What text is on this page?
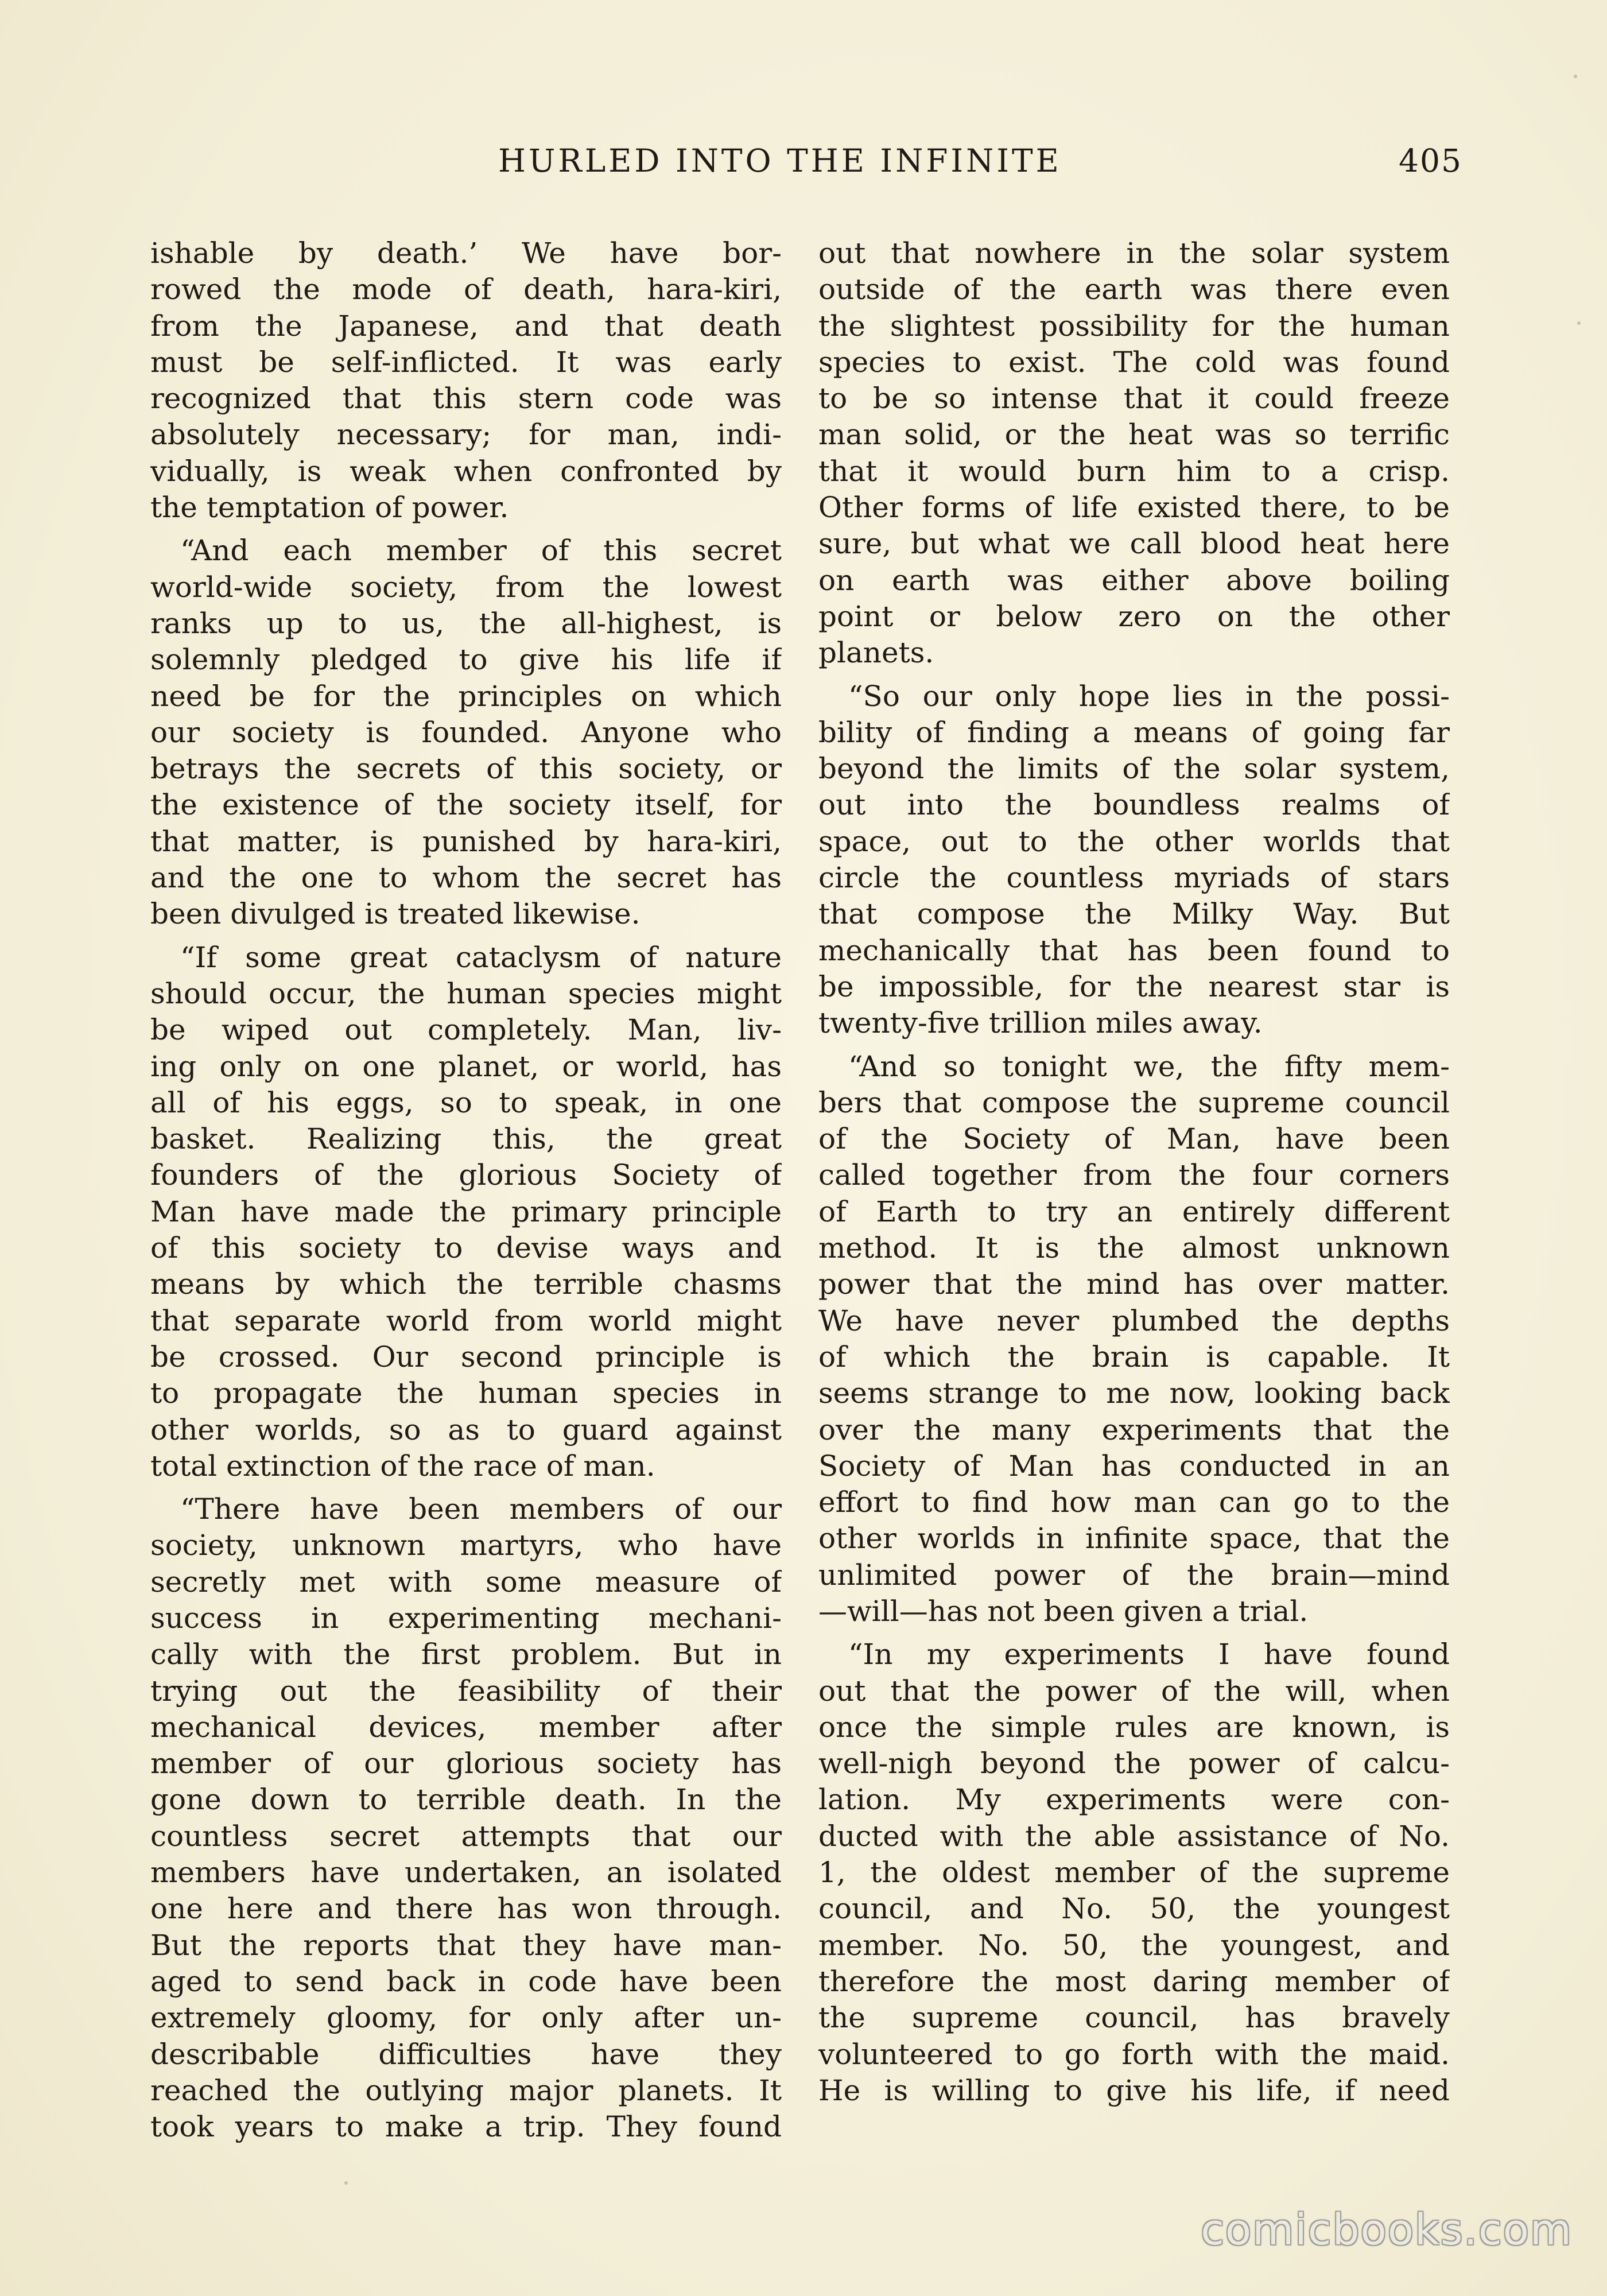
HURLED INTO THE INFINITE	405
ishable by death.’ We have bor-
rowed the mode of death, hara-kiri,
from the Japanese, and that death
must be self-inflicted. It was early
recognized that this stern code was
absolutely necessary; for man, indi-
vidually, is weak when confronted by
the temptation of power.
“And each member of this secret
world-wide society, from the lowest
ranks up to us, the all-highest, is
solemnly pledged to give his life if
need be for the principles on which
our society is founded. Anyone who
betrays the secrets of this society, or
the existence of the society itself, for
that matter, is punished by hara-kiri,
and the one to whom the secret has
been divulged is treated likewise.
“If some great cataclysm of nature
should occur, the human species might
be wiped out completely. Man, liv-
ing only on one planet, or world, has
all of his eggs, so to speak, in one
basket. Realizing this, the great
founders of the glorious Society of
Man have made the primary principle
of this society to devise ways and
means by which the terrible chasms
that separate world from world might
be crossed. Our second principle is
to propagate the human species in
other worlds, so as to guard against
total extinction of the race of man.
“There have been members of our
society, unknown martyrs, who have
secretly met with some measure of
success in experimenting mechani-
cally with the first problem. But in
trying out the feasibility of their
mechanical devices, member after
member of our glorious society has
gone down to terrible death. In the
countless secret attempts that our
members have undertaken, an isolated
one here and there has won through.
But the reports that they have man-
aged to send back in code have been
extremely gloomy, for only after un-
describable difficulties have they
reached the outlying major planets. It
took years to make a trip. They found
out that nowhere in the solar system
outside of the earth was there even
the slightest possibility for the human
species to exist. The cold was found
to be so intense that it could freeze
man solid, or the heat was so terrific
that it would burn him to a crisp.
Other forms of life existed there, to be
sure, but what we call blood heat here
on earth was either above boiling
point or below zero on the other
planets.
“So our only hope lies in the possi-
bility of finding a means of going far
beyond the limits of the solar system,
out into the boundless realms of
space, out to the other worlds that
circle the countless myriads of stars
that compose the Milky Way. But
mechanically that has been found to
be impossible, for the nearest star is
twenty-five trillion miles away.
“And so tonight we, the fifty mem-
bers that compose the supreme council
of the Society of Man, have been
called together from the four corners
of Earth to try an entirely different
method. It is the almost unknown
power that the mind has over matter.
We have never plumbed the depths
of which the brain is capable. It
seems strange to me now, looking back
over the many experiments that the
Society of Man has conducted in an
effort to find how man can go to the
other worlds in infinite space, that the
unlimited power of the brain—mind
—will—has not been given a trial.
“In my experiments I have found
out that the power of the will, when
once the simple rules are known, is
well-nigh beyond the power of calcu-
lation. My experiments were con-
ducted with the able assistance of No.
1, the oldest member of the supreme
council, and No. 50, the youngest
member. No. 50, the youngest, and
therefore the most daring member of
the supreme council, has bravely
volunteered to go forth with the maid.
He is willing to give his life, if need
comicbooks.com
